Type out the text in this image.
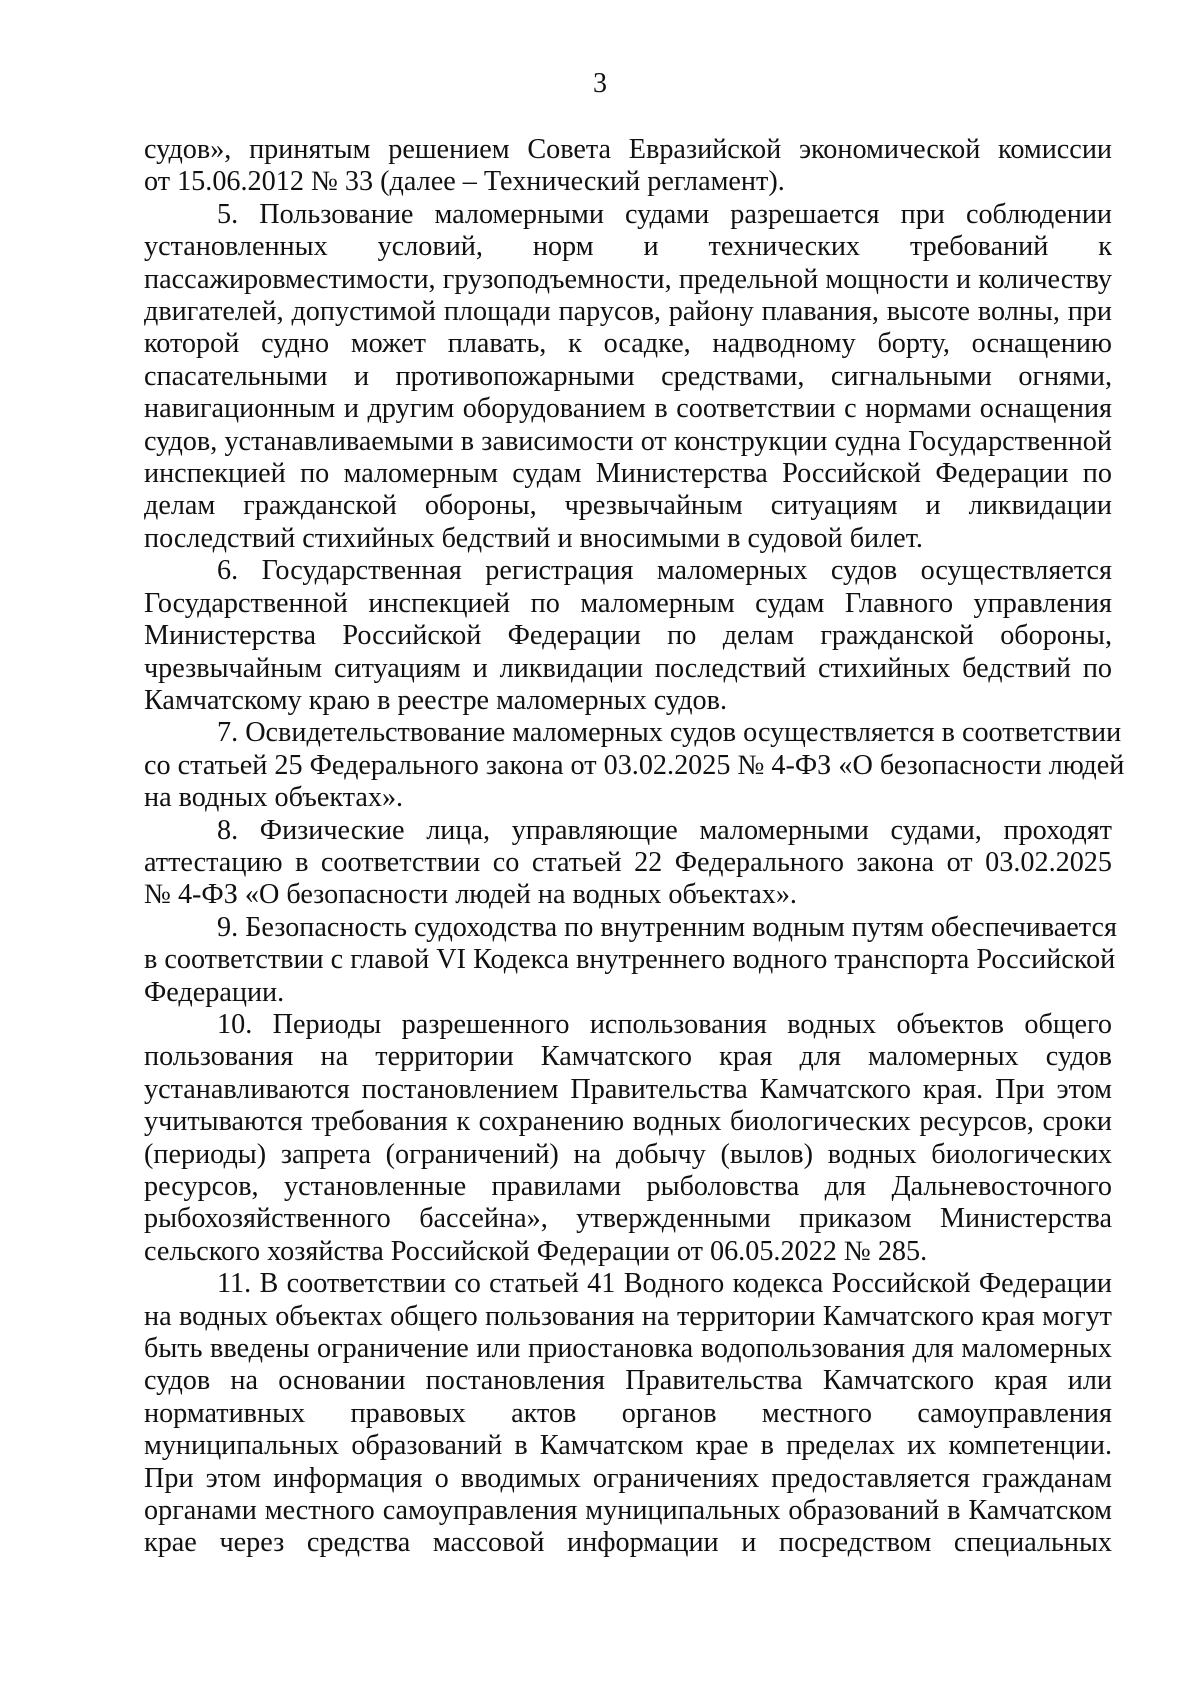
3
судов», принятым решением Совета Евразийской экономической комиссии
от 15.06.2012 № 33 (далее – Технический регламент).
5. Пользование маломерными судами разрешается при соблюдении
установленных условий, норм и технических требований к
пассажировместимости, грузоподъемности, предельной мощности и количеству
двигателей, допустимой площади парусов, району плавания, высоте волны, при
которой судно может плавать, к осадке, надводному борту, оснащению
спасательными и противопожарными средствами, сигнальными огнями,
навигационным и другим оборудованием в соответствии с нормами оснащения
судов, устанавливаемыми в зависимости от конструкции судна Государственной
инспекцией по маломерным судам Министерства Российской Федерации по
делам гражданской обороны, чрезвычайным ситуациям и ликвидации
последствий стихийных бедствий и вносимыми в судовой билет.
6. Государственная регистрация маломерных судов осуществляется
Государственной инспекцией по маломерным судам Главного управления
Министерства Российской Федерации по делам гражданской обороны,
чрезвычайным ситуациям и ликвидации последствий стихийных бедствий по
Камчатскому краю в реестре маломерных судов.
7. Освидетельствование маломерных судов осуществляется в соответствии
со статьей 25 Федерального закона от 03.02.2025 № 4-ФЗ «О безопасности людей
на водных объектах».
8. Физические лица, управляющие маломерными судами, проходят
аттестацию в соответствии со статьей 22 Федерального закона от 03.02.2025
№ 4-ФЗ «О безопасности людей на водных объектах».
9. Безопасность судоходства по внутренним водным путям обеспечивается
в соответствии с главой VI Кодекса внутреннего водного транспорта Российской
Федерации.
10. Периоды разрешенного использования водных объектов общего
пользования на территории Камчатского края для маломерных судов
устанавливаются постановлением Правительства Камчатского края. При этом
учитываются требования к сохранению водных биологических ресурсов, сроки
(периоды) запрета (ограничений) на добычу (вылов) водных биологических
ресурсов, установленные правилами рыболовства для Дальневосточного
рыбохозяйственного бассейна», утвержденными приказом Министерства
сельского хозяйства Российской Федерации от 06.05.2022 № 285.
11. В соответствии со статьей 41 Водного кодекса Российской Федерации
на водных объектах общего пользования на территории Камчатского края могут
быть введены ограничение или приостановка водопользования для маломерных
судов на основании постановления Правительства Камчатского края или
нормативных правовых актов органов местного самоуправления
муниципальных образований в Камчатском крае в пределах их компетенции.
При этом информация о вводимых ограничениях предоставляется гражданам
органами местного самоуправления муниципальных образований в Камчатском
крае через средства массовой информации и посредством специальных
